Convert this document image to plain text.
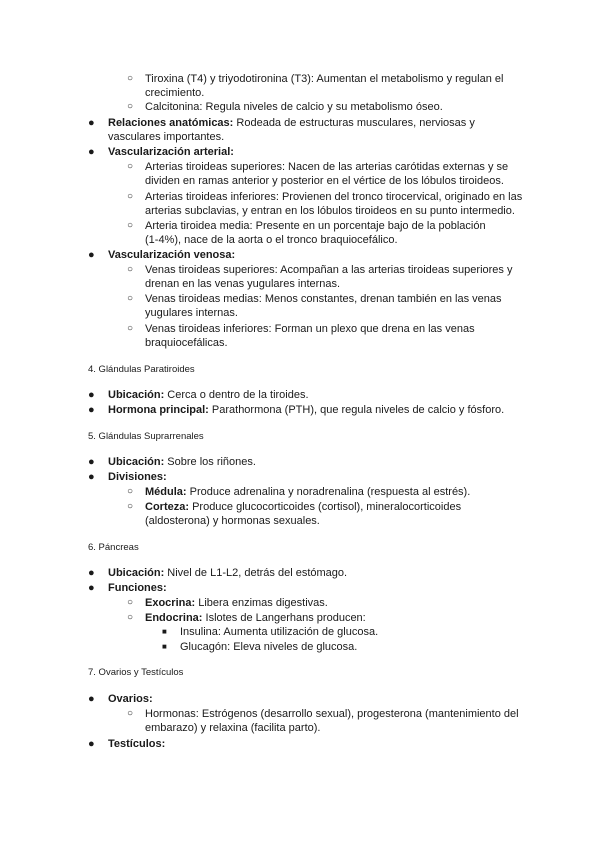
○ Tiroxina (T4) y triyodotironina (T3): Aumentan el metabolismo y regulan el
crecimiento.
○ Calcitonina: Regula niveles de calcio y su metabolismo óseo.
● Relaciones anatómicas: Rodeada de estructuras musculares, nerviosas y
vasculares importantes.
● Vascularización arterial:
○ Arterias tiroideas superiores: Nacen de las arterias carótidas externas y se
dividen en ramas anterior y posterior en el vértice de los lóbulos tiroideos.
○ Arterias tiroideas inferiores: Provienen del tronco tirocervical, originado en las
arterias subclavias, y entran en los lóbulos tiroideos en su punto intermedio.
○ Arteria tiroidea media: Presente en un porcentaje bajo de la población
(1-4%), nace de la aorta o el tronco braquiocefálico.
● Vascularización venosa:
○ Venas tiroideas superiores: Acompañan a las arterias tiroideas superiores y
drenan en las venas yugulares internas.
○ Venas tiroideas medias: Menos constantes, drenan también en las venas
yugulares internas.
○ Venas tiroideas inferiores: Forman un plexo que drena en las venas
braquiocefálicas.
4. Glándulas Paratiroides
● Ubicación: Cerca o dentro de la tiroides.
● Hormona principal: Parathormona (PTH), que regula niveles de calcio y fósforo.
5. Glándulas Suprarrenales
● Ubicación: Sobre los riñones.
● Divisiones:
○ Médula: Produce adrenalina y noradrenalina (respuesta al estrés).
○ Corteza: Produce glucocorticoides (cortisol), mineralocorticoides
(aldosterona) y hormonas sexuales.
6. Páncreas
● Ubicación: Nivel de L1-L2, detrás del estómago.
● Funciones:
○ Exocrina: Libera enzimas digestivas.
○ Endocrina: Islotes de Langerhans producen:
■ Insulina: Aumenta utilización de glucosa.
■ Glucagón: Eleva niveles de glucosa.
7. Ovarios y Testículos
● Ovarios:
○ Hormonas: Estrógenos (desarrollo sexual), progesterona (mantenimiento del
embarazo) y relaxina (facilita parto).
● Testículos:
